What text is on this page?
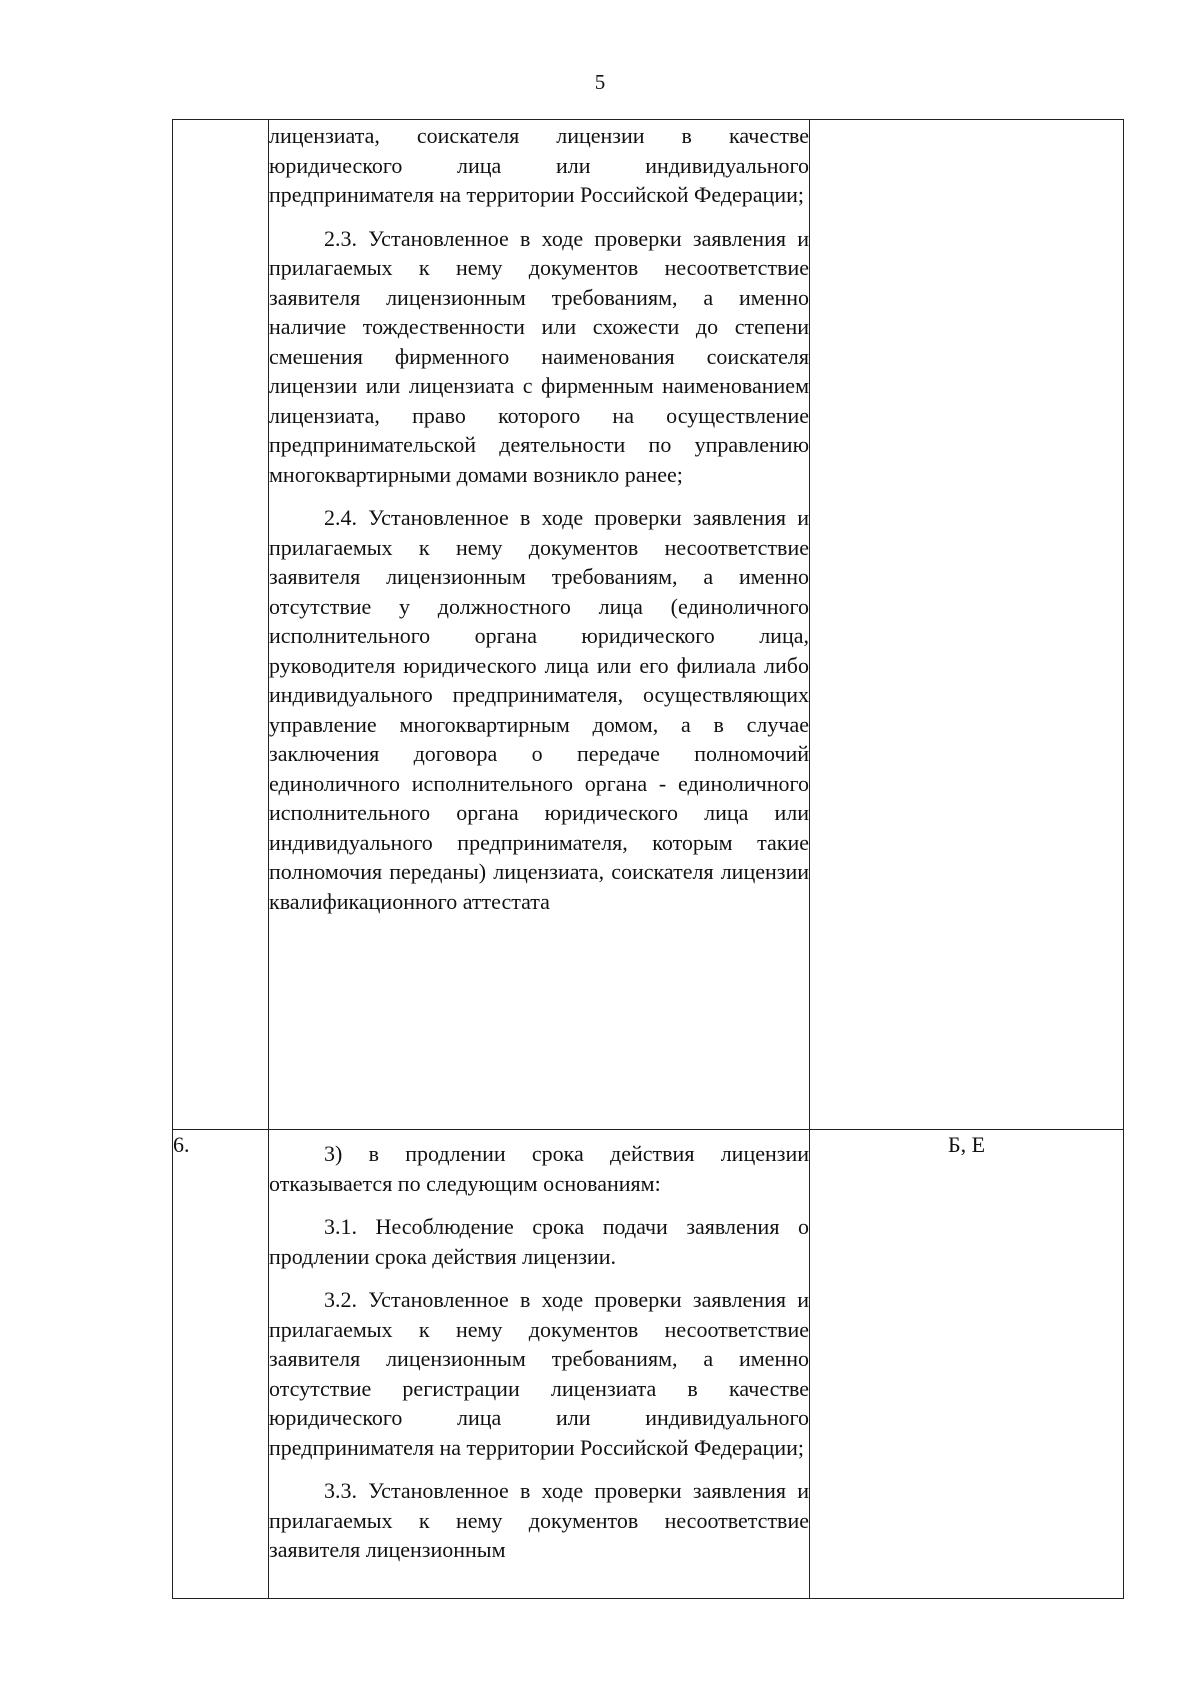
5

	лицензиата, соискателя лицензии в качестве юридического лица или индивидуального предпринимателя на территории Российской Федерации;

2.3. Установленное в ходе проверки заявления и прилагаемых к нему документов несоответствие заявителя лицензионным требованиям, а именно наличие тождественности или схожести до степени смешения фирменного наименования соискателя лицензии или лицензиата с фирменным наименованием лицензиата, право которого на осуществление предпринимательской деятельности по управлению многоквартирными домами возникло ранее;

2.4. Установленное в ходе проверки заявления и прилагаемых к нему документов несоответствие заявителя лицензионным требованиям, а именно отсутствие у должностного лица (единоличного исполнительного органа юридического лица, руководителя юридического лица или его филиала либо индивидуального предпринимателя, осуществляющих управление многоквартирным домом, а в случае заключения договора о передаче полномочий единоличного исполнительного органа - единоличного исполнительного органа юридического лица или индивидуального предпринимателя, которым такие полномочия переданы) лицензиата, соискателя лицензии квалификационного аттестата	

6.	3) в продлении срока действия лицензии отказывается по следующим основаниям:

3.1. Несоблюдение срока подачи заявления о продлении срока действия лицензии.

3.2. Установленное в ходе проверки заявления и прилагаемых к нему документов несоответствие заявителя лицензионным требованиям, а именно отсутствие регистрации лицензиата в качестве юридического лица или индивидуального предпринимателя на территории Российской Федерации;

3.3. Установленное в ходе проверки заявления и прилагаемых к нему документов несоответствие заявителя лицензионным	Б, Е
